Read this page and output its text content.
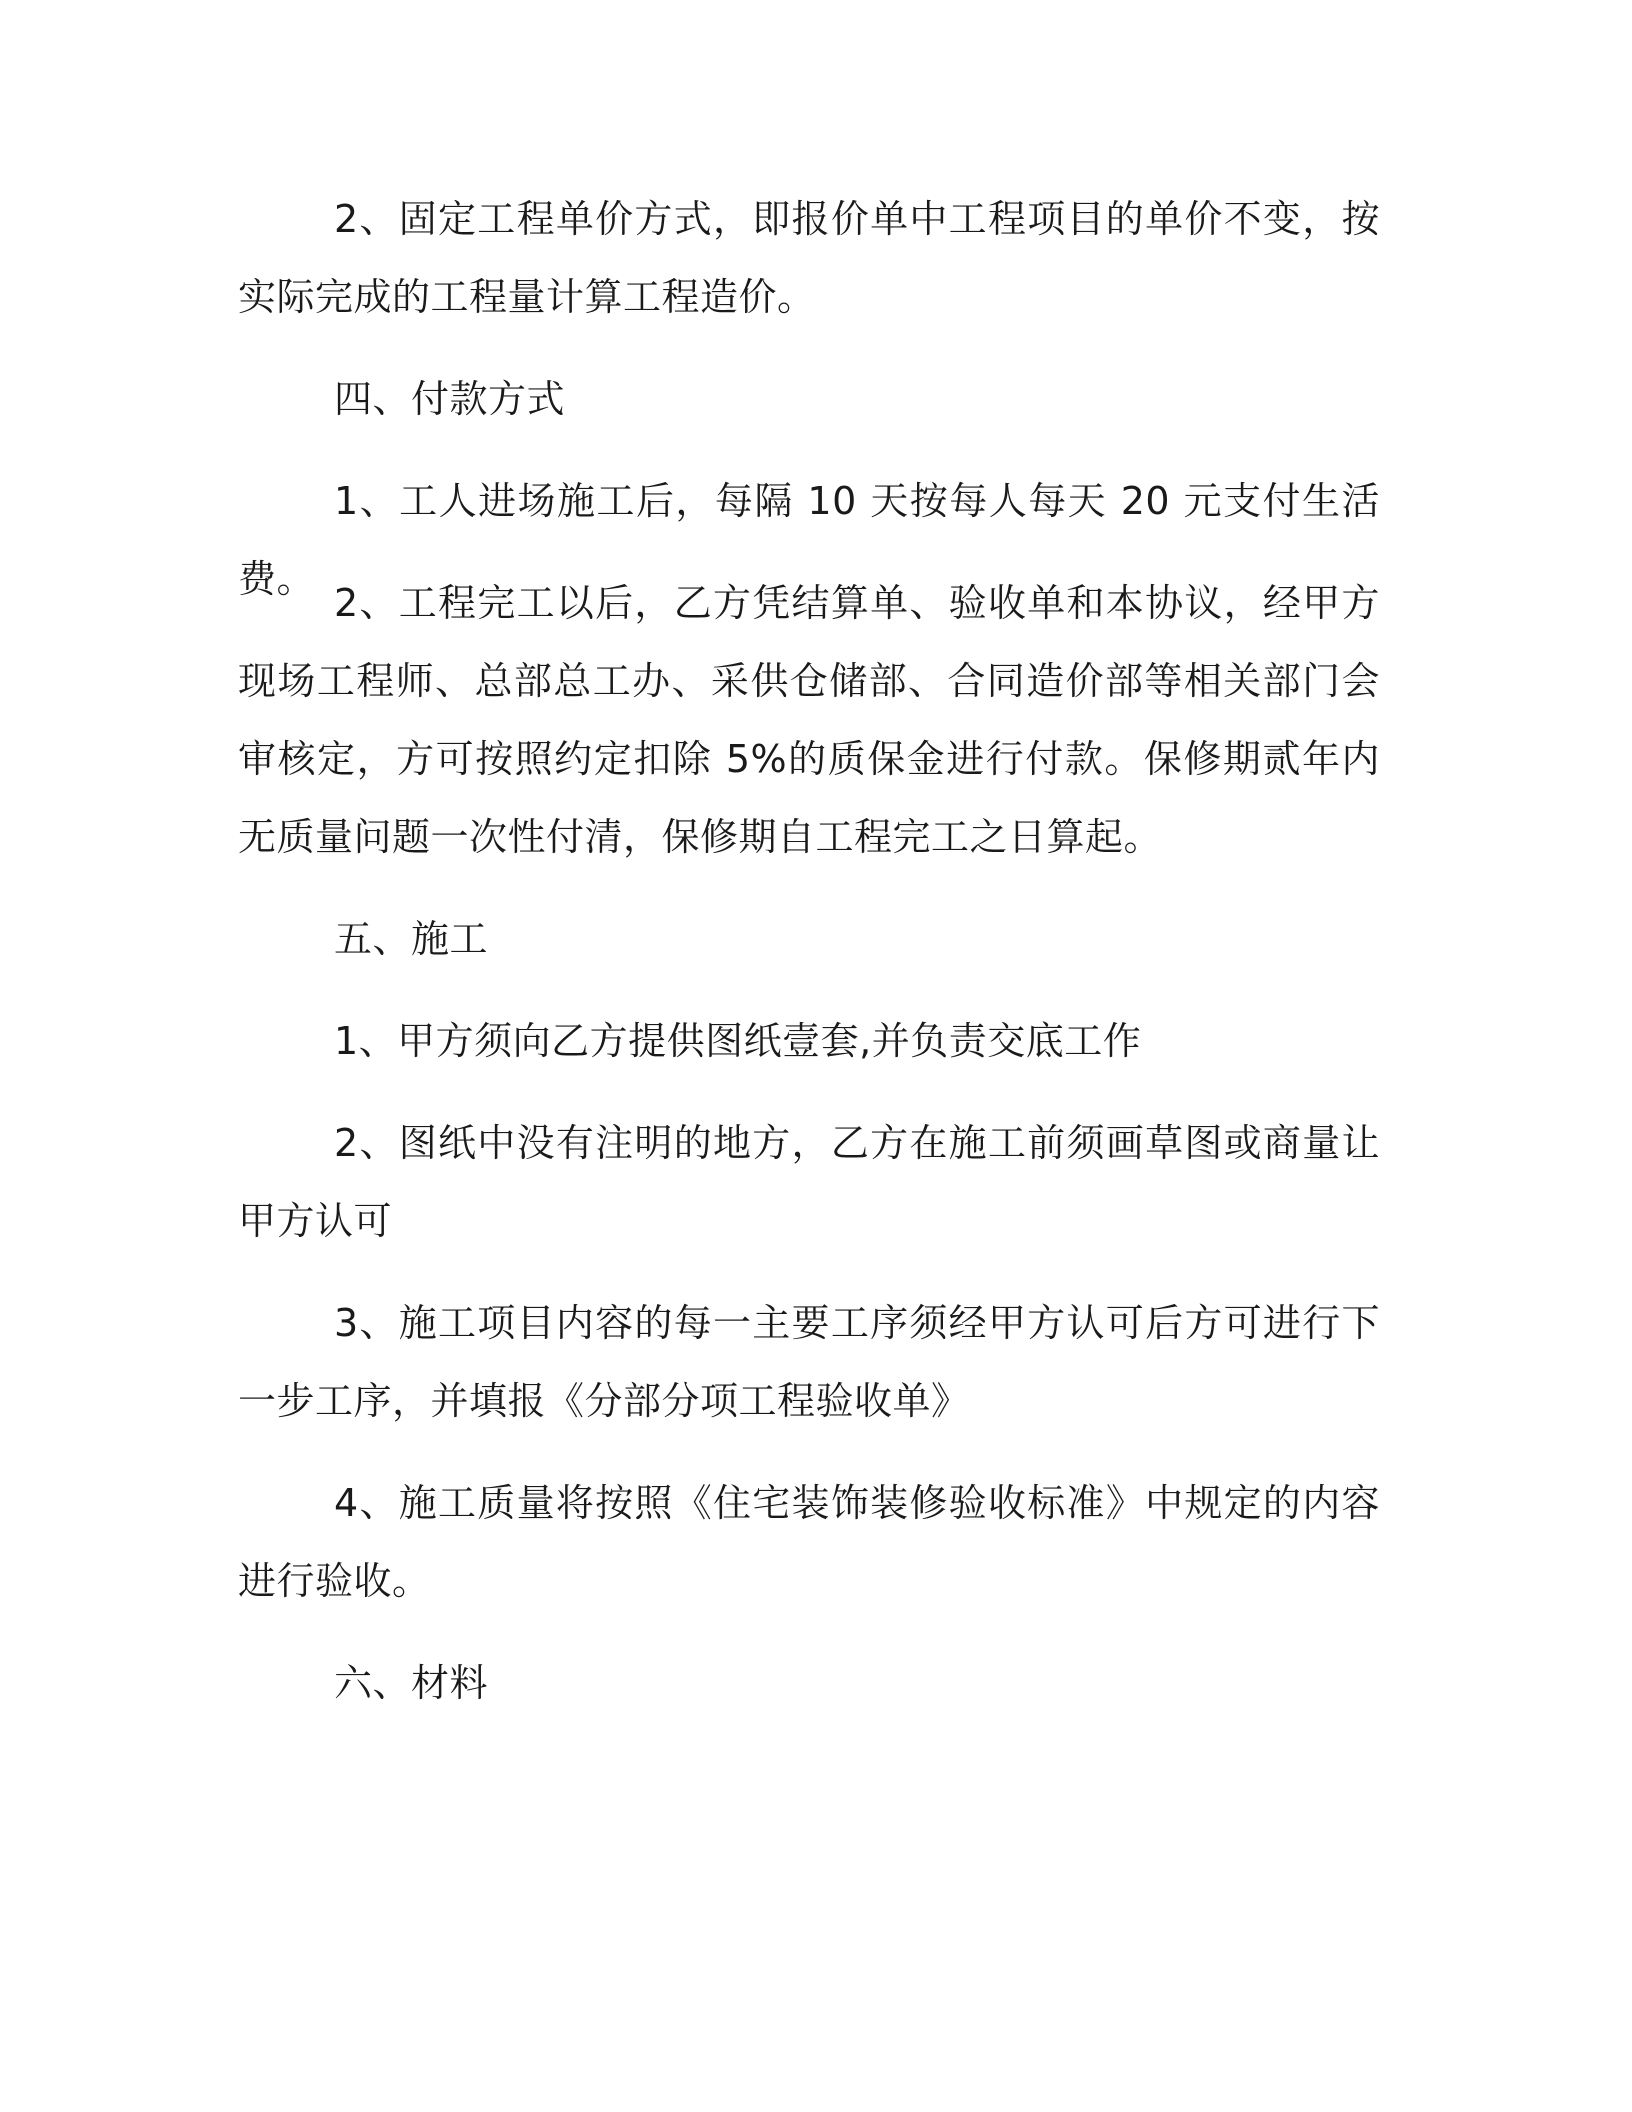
2、固定工程单价方式，即报价单中工程项目的单价不变，按实际完成的工程量计算工程造价。

四、付款方式

1、工人进场施工后，每隔 10 天按每人每天 20 元支付生活费。

2、工程完工以后，乙方凭结算单、验收单和本协议，经甲方现场工程师、总部总工办、采供仓储部、合同造价部等相关部门会审核定，方可按照约定扣除 5%的质保金进行付款。保修期贰年内无质量问题一次性付清，保修期自工程完工之日算起。

五、施工

1、甲方须向乙方提供图纸壹套,并负责交底工作

2、图纸中没有注明的地方，乙方在施工前须画草图或商量让甲方认可

3、施工项目内容的每一主要工序须经甲方认可后方可进行下一步工序，并填报《分部分项工程验收单》

4、施工质量将按照《住宅装饰装修验收标准》中规定的内容进行验收。

六、材料
